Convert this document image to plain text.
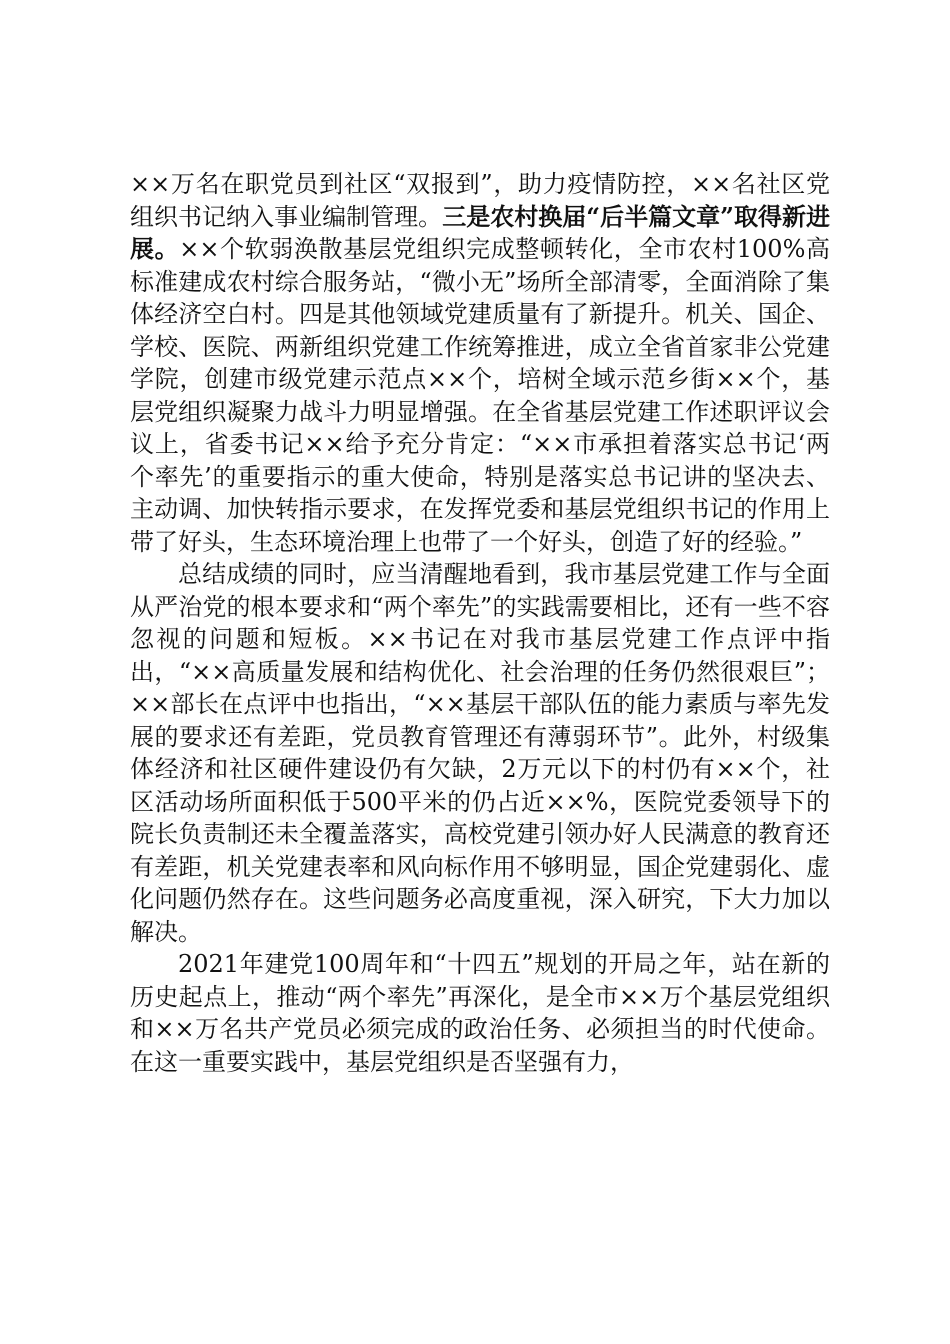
××万名在职党员到社区“双报到”，助力疫情防控，××名社区党组织书记纳入事业编制管理。三是农村换届“后半篇文章”取得新进展。××个软弱涣散基层党组织完成整顿转化，全市农村100%高标准建成农村综合服务站，“微小无”场所全部清零，全面消除了集体经济空白村。四是其他领域党建质量有了新提升。机关、国企、学校、医院、两新组织党建工作统筹推进，成立全省首家非公党建学院，创建市级党建示范点××个，培树全域示范乡街××个，基层党组织凝聚力战斗力明显增强。在全省基层党建工作述职评议会议上，省委书记××给予充分肯定：“××市承担着落实总书记‘两个率先’的重要指示的重大使命，特别是落实总书记讲的坚决去、主动调、加快转指示要求，在发挥党委和基层党组织书记的作用上带了好头，生态环境治理上也带了一个好头，创造了好的经验。”

总结成绩的同时，应当清醒地看到，我市基层党建工作与全面从严治党的根本要求和“两个率先”的实践需要相比，还有一些不容忽视的问题和短板。××书记在对我市基层党建工作点评中指出，“××高质量发展和结构优化、社会治理的任务仍然很艰巨”；××部长在点评中也指出，“××基层干部队伍的能力素质与率先发展的要求还有差距，党员教育管理还有薄弱环节”。此外，村级集体经济和社区硬件建设仍有欠缺，2万元以下的村仍有××个，社区活动场所面积低于500平米的仍占近××%，医院党委领导下的院长负责制还未全覆盖落实，高校党建引领办好人民满意的教育还有差距，机关党建表率和风向标作用不够明显，国企党建弱化、虚化问题仍然存在。这些问题务必高度重视，深入研究，下大力加以解决。

2021年建党100周年和“十四五”规划的开局之年，站在新的历史起点上，推动“两个率先”再深化，是全市××万个基层党组织和××万名共产党员必须完成的政治任务、必须担当的时代使命。在这一重要实践中，基层党组织是否坚强有力，
